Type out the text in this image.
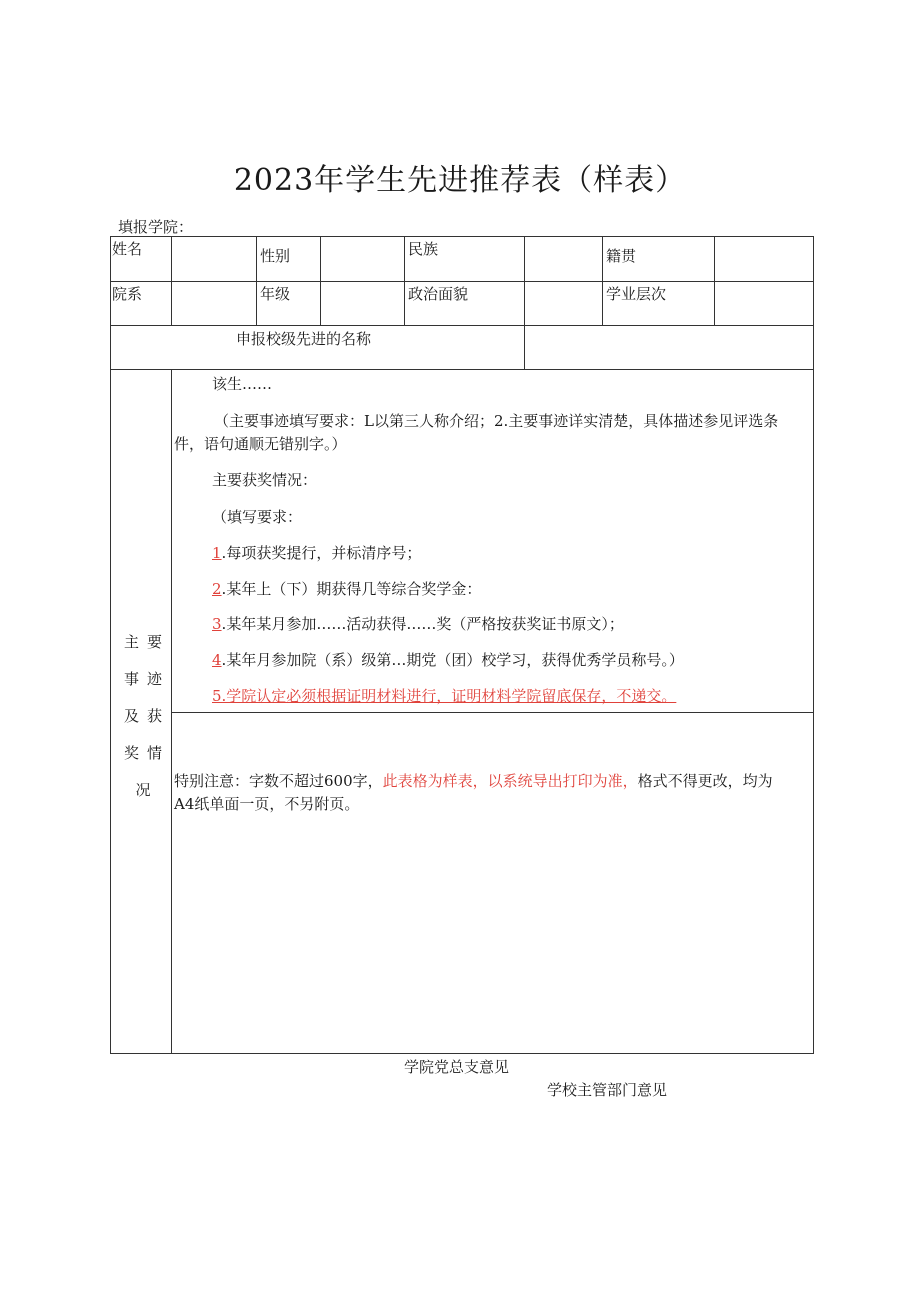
2023年学生先进推荐表（样表）
填报学院：
姓名	性别	民族	籍贯
院系	年级	政治面貌	学业层次
申报校级先进的名称
主要
事迹
及获
奖情
况
该生……
（主要事迹填写要求：L以第三人称介绍；2.主要事迹详实清楚，具体描述参见评选条件，语句通顺无错别字。）
主要获奖情况：
（填写要求：
1.每项获奖提行，并标清序号；
2.某年上（下）期获得几等综合奖学金：
3.某年某月参加……活动获得……奖（严格按获奖证书原文）；
4.某年月参加院（系）级第…期党（团）校学习，获得优秀学员称号。）
5.学院认定必须根据证明材料进行，证明材料学院留底保存，不递交。
特别注意：字数不超过600字，此表格为样表，以系统导出打印为准，格式不得更改，均为A4纸单面一页，不另附页。
学院党总支意见
学校主管部门意见
